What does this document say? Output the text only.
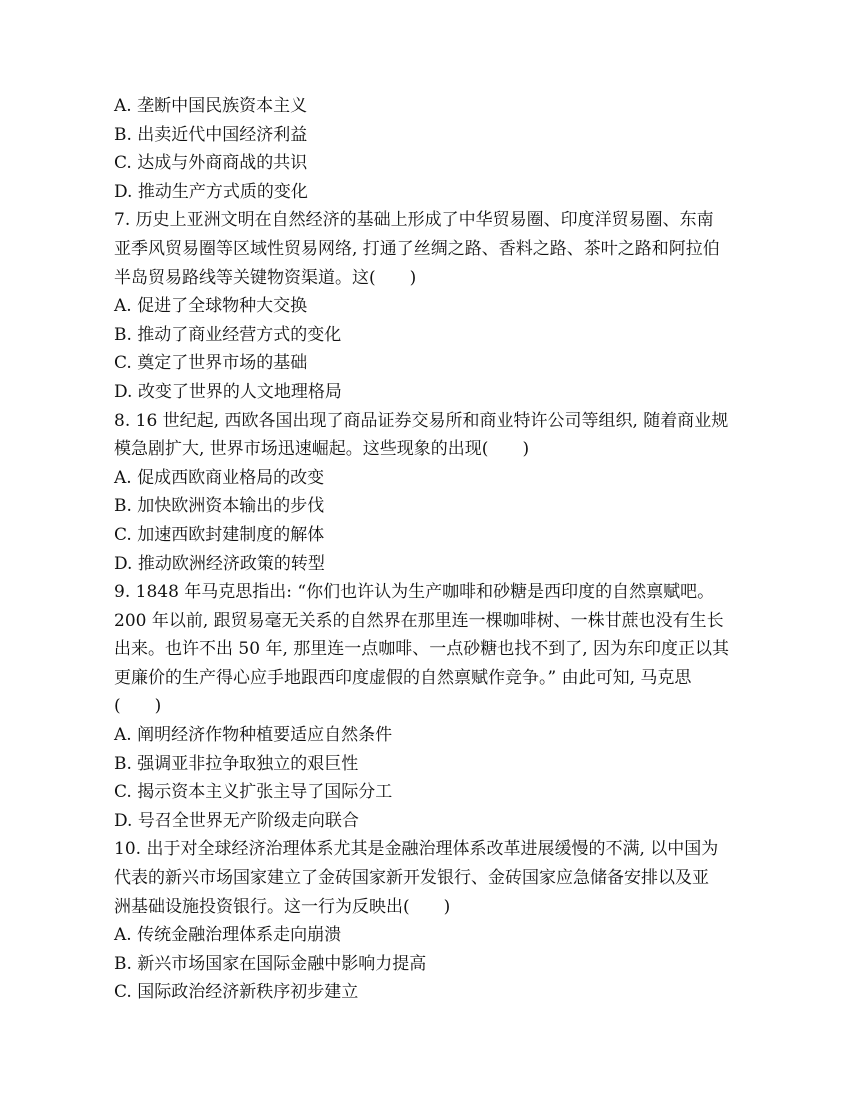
A. 垄断中国民族资本主义
B. 出卖近代中国经济利益
C. 达成与外商商战的共识
D. 推动生产方式质的变化
7. 历史上亚洲文明在自然经济的基础上形成了中华贸易圈、印度洋贸易圈、东南
亚季风贸易圈等区域性贸易网络, 打通了丝绸之路、香料之路、茶叶之路和阿拉伯
半岛贸易路线等关键物资渠道。这(　　)
A. 促进了全球物种大交换
B. 推动了商业经营方式的变化
C. 奠定了世界市场的基础
D. 改变了世界的人文地理格局
8. 16 世纪起, 西欧各国出现了商品证券交易所和商业特许公司等组织, 随着商业规
模急剧扩大, 世界市场迅速崛起。这些现象的出现(　　)
A. 促成西欧商业格局的改变
B. 加快欧洲资本输出的步伐
C. 加速西欧封建制度的解体
D. 推动欧洲经济政策的转型
9. 1848 年马克思指出: “你们也许认为生产咖啡和砂糖是西印度的自然禀赋吧。
200 年以前, 跟贸易毫无关系的自然界在那里连一棵咖啡树、一株甘蔗也没有生长
出来。也许不出 50 年, 那里连一点咖啡、一点砂糖也找不到了, 因为东印度正以其
更廉价的生产得心应手地跟西印度虚假的自然禀赋作竞争。” 由此可知, 马克思
(　　)
A. 阐明经济作物种植要适应自然条件
B. 强调亚非拉争取独立的艰巨性
C. 揭示资本主义扩张主导了国际分工
D. 号召全世界无产阶级走向联合
10. 出于对全球经济治理体系尤其是金融治理体系改革进展缓慢的不满, 以中国为
代表的新兴市场国家建立了金砖国家新开发银行、金砖国家应急储备安排以及亚
洲基础设施投资银行。这一行为反映出(　　)
A. 传统金融治理体系走向崩溃
B. 新兴市场国家在国际金融中影响力提高
C. 国际政治经济新秩序初步建立
